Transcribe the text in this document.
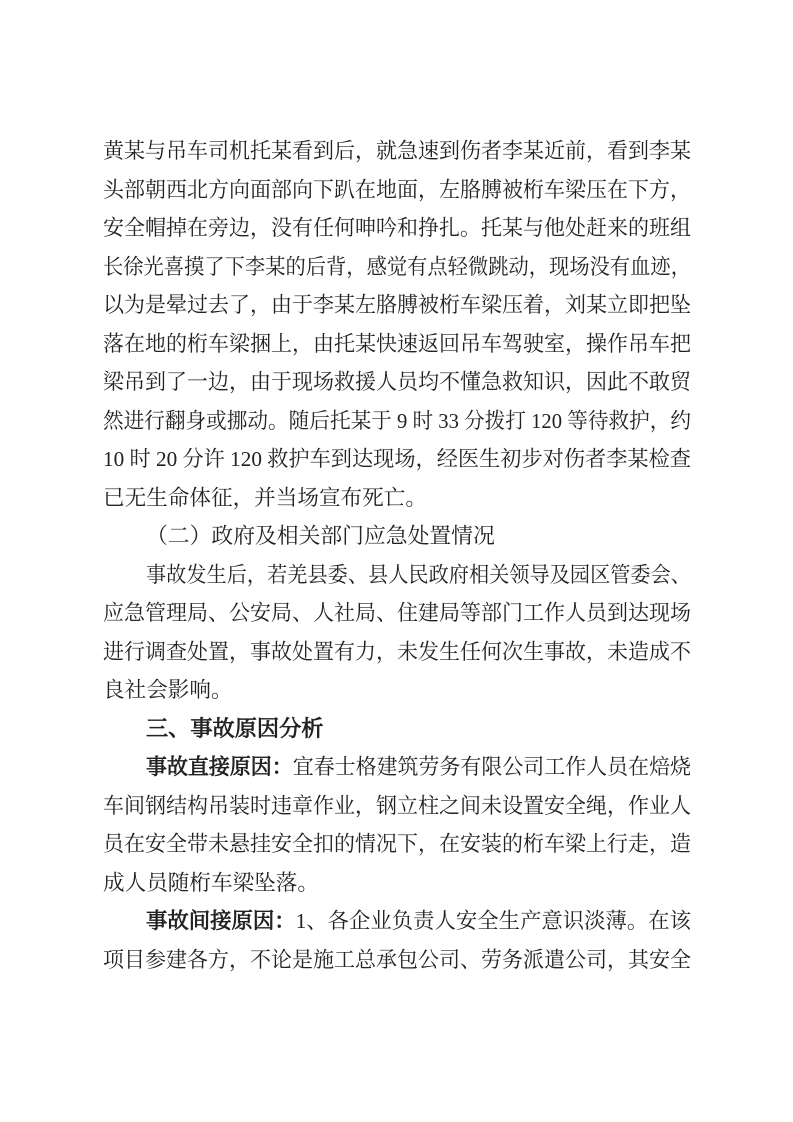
黄某与吊车司机托某看到后，就急速到伤者李某近前，看到李某
头部朝西北方向面部向下趴在地面，左胳膊被桁车梁压在下方，
安全帽掉在旁边，没有任何呻吟和挣扎。托某与他处赶来的班组
长徐光喜摸了下李某的后背，感觉有点轻微跳动，现场没有血迹，
以为是晕过去了，由于李某左胳膊被桁车梁压着，刘某立即把坠
落在地的桁车梁捆上，由托某快速返回吊车驾驶室，操作吊车把
梁吊到了一边，由于现场救援人员均不懂急救知识，因此不敢贸
然进行翻身或挪动。随后托某于 9 时 33 分拨打 120 等待救护，约
10 时 20 分许 120 救护车到达现场，经医生初步对伤者李某检查
已无生命体征，并当场宣布死亡。
（二）政府及相关部门应急处置情况
事故发生后，若羌县委、县人民政府相关领导及园区管委会、
应急管理局、公安局、人社局、住建局等部门工作人员到达现场
进行调查处置，事故处置有力，未发生任何次生事故，未造成不
良社会影响。
三、事故原因分析
事故直接原因：宜春士格建筑劳务有限公司工作人员在焙烧
车间钢结构吊装时违章作业，钢立柱之间未设置安全绳，作业人
员在安全带未悬挂安全扣的情况下，在安装的桁车梁上行走，造
成人员随桁车梁坠落。
事故间接原因：1、各企业负责人安全生产意识淡薄。在该
项目参建各方，不论是施工总承包公司、劳务派遣公司，其安全
